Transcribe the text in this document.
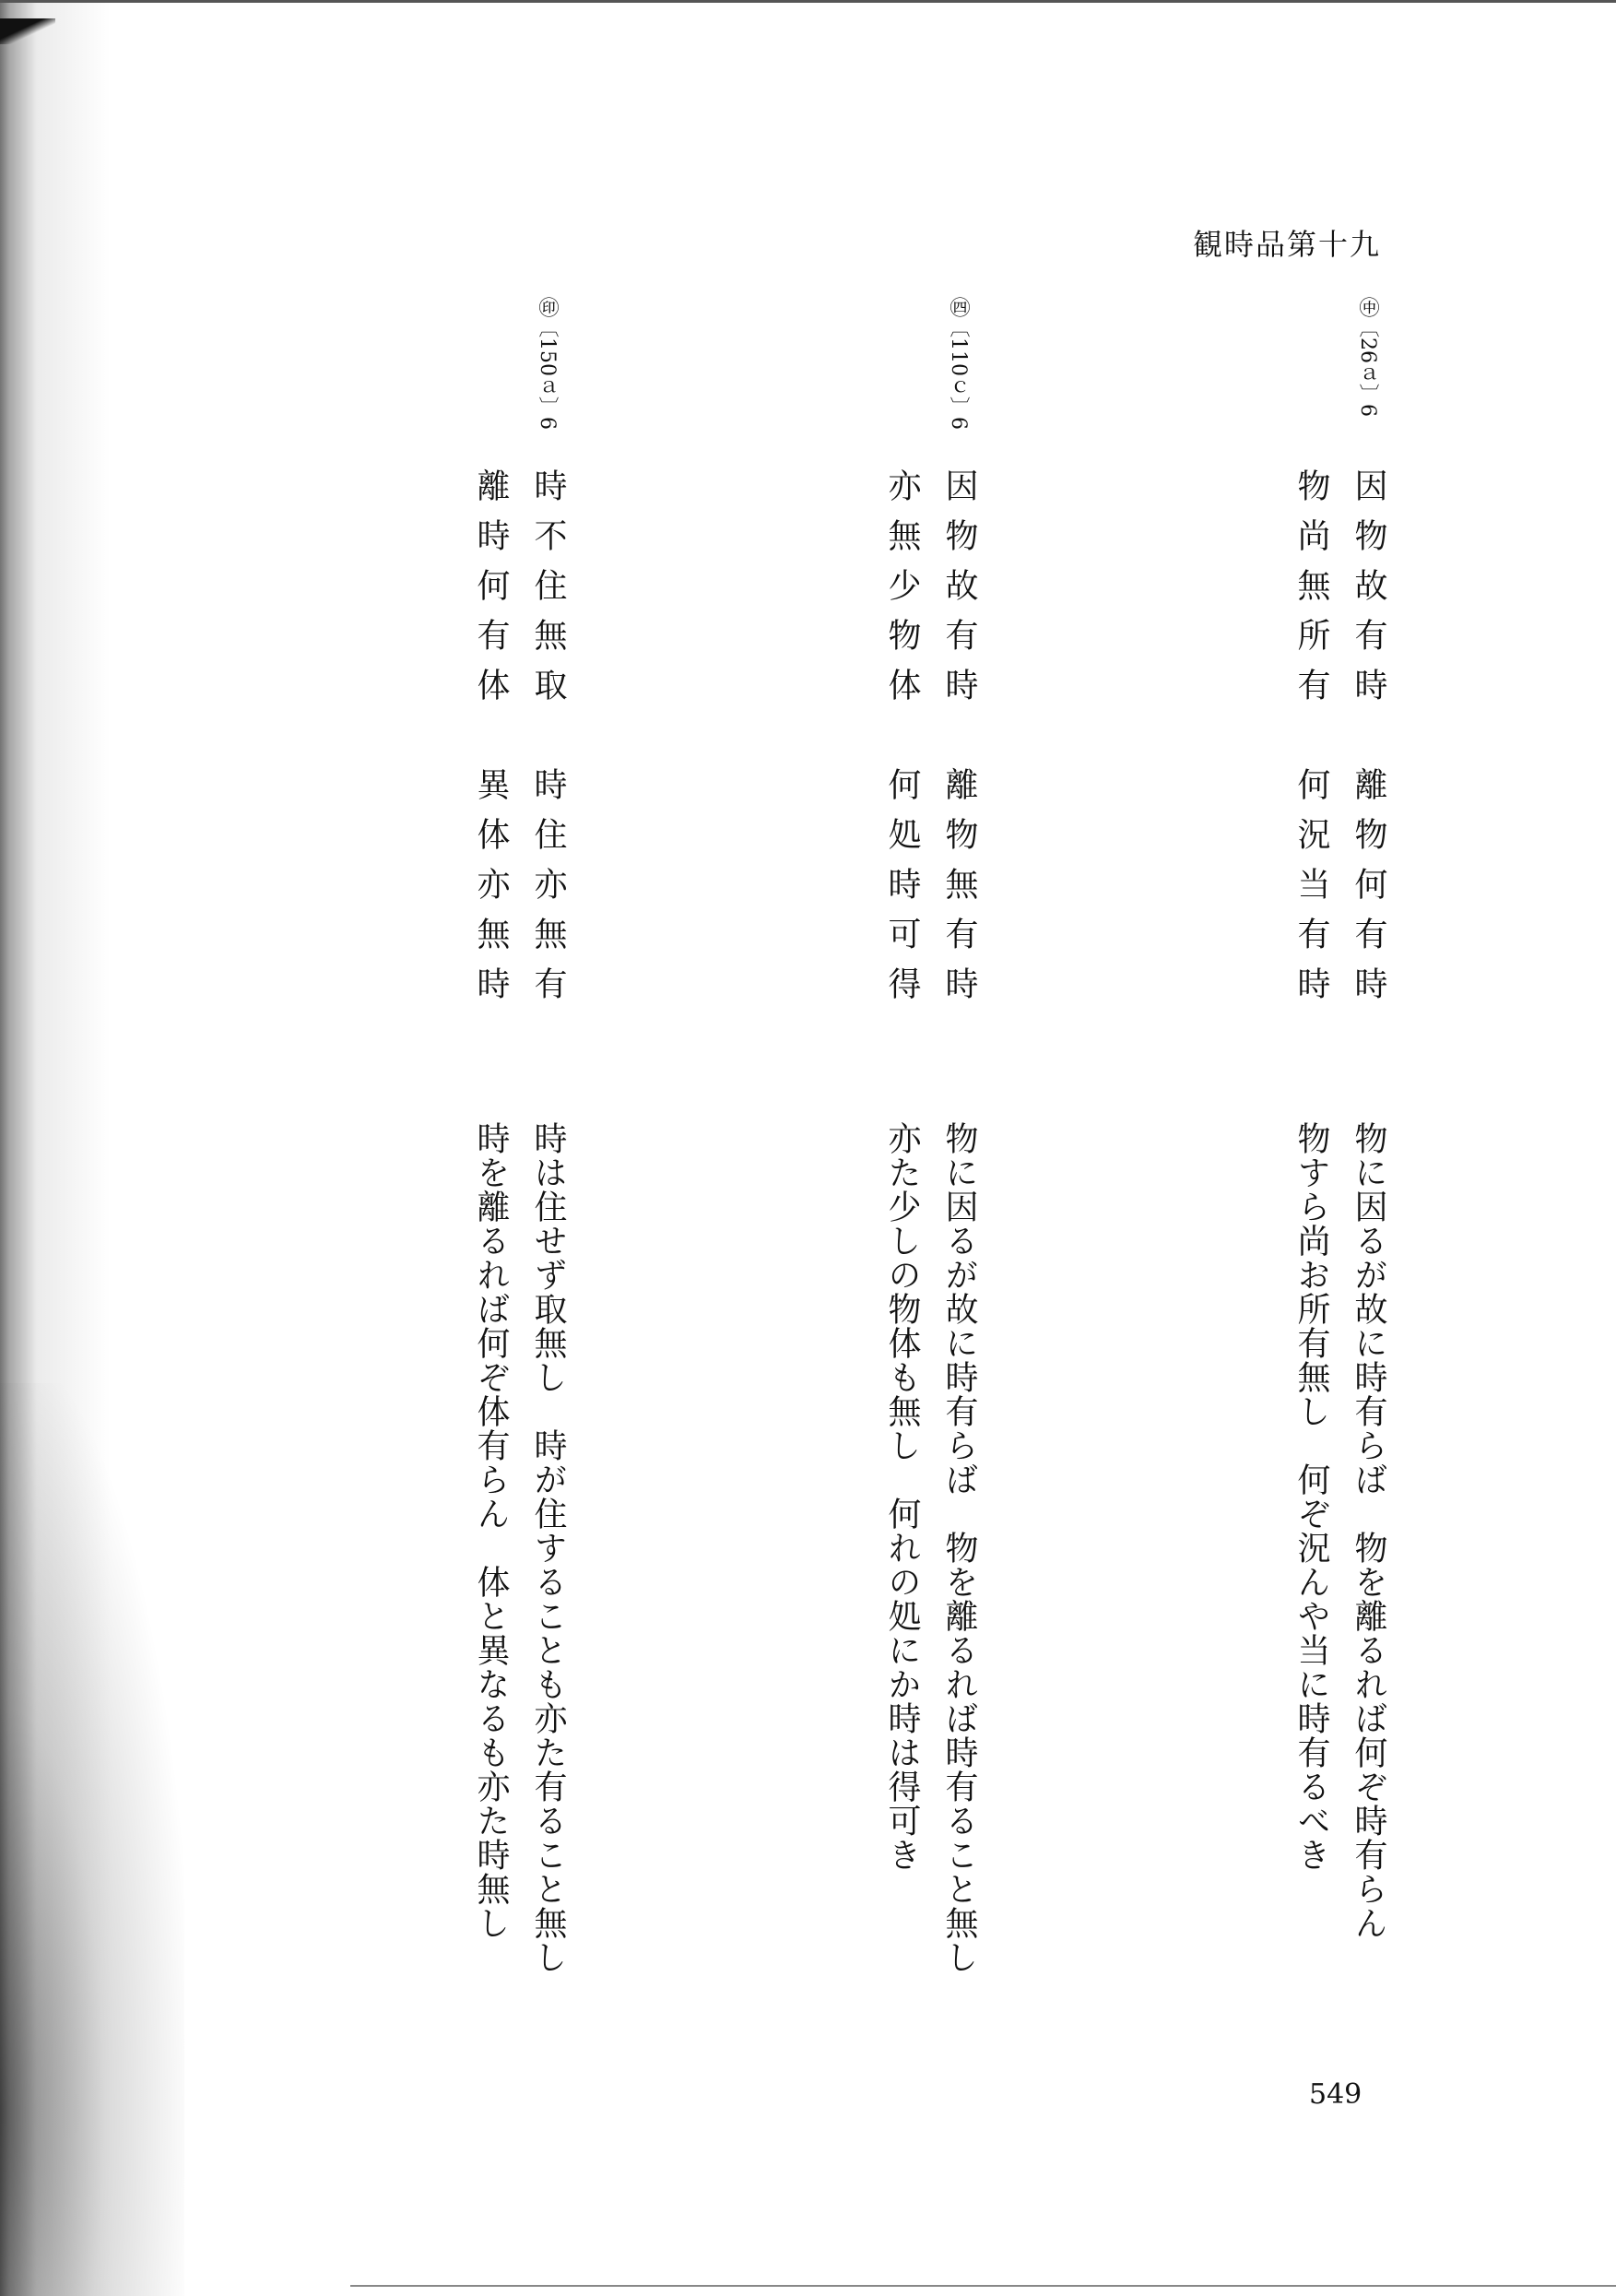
観時品第十九
㊥〔26ａ〕6
因物故有時　離物何有時
物尚無所有　何況当有時
物に因るが故に時有らば　物を離るれば何ぞ時有らん
物すら尚お所有無し　何ぞ況んや当に時有るべき
㊃〔110ｃ〕6
因物故有時　離物無有時
亦無少物体　何処時可得
物に因るが故に時有らば　物を離るれば時有ること無し
亦た少しの物体も無し　何れの処にか時は得可き
㊞〔150ａ〕6
時不住無取　時住亦無有
離時何有体　異体亦無時
時は住せず取無し　時が住することも亦た有ること無し
時を離るれば何ぞ体有らん　体と異なるも亦た時無し
549
